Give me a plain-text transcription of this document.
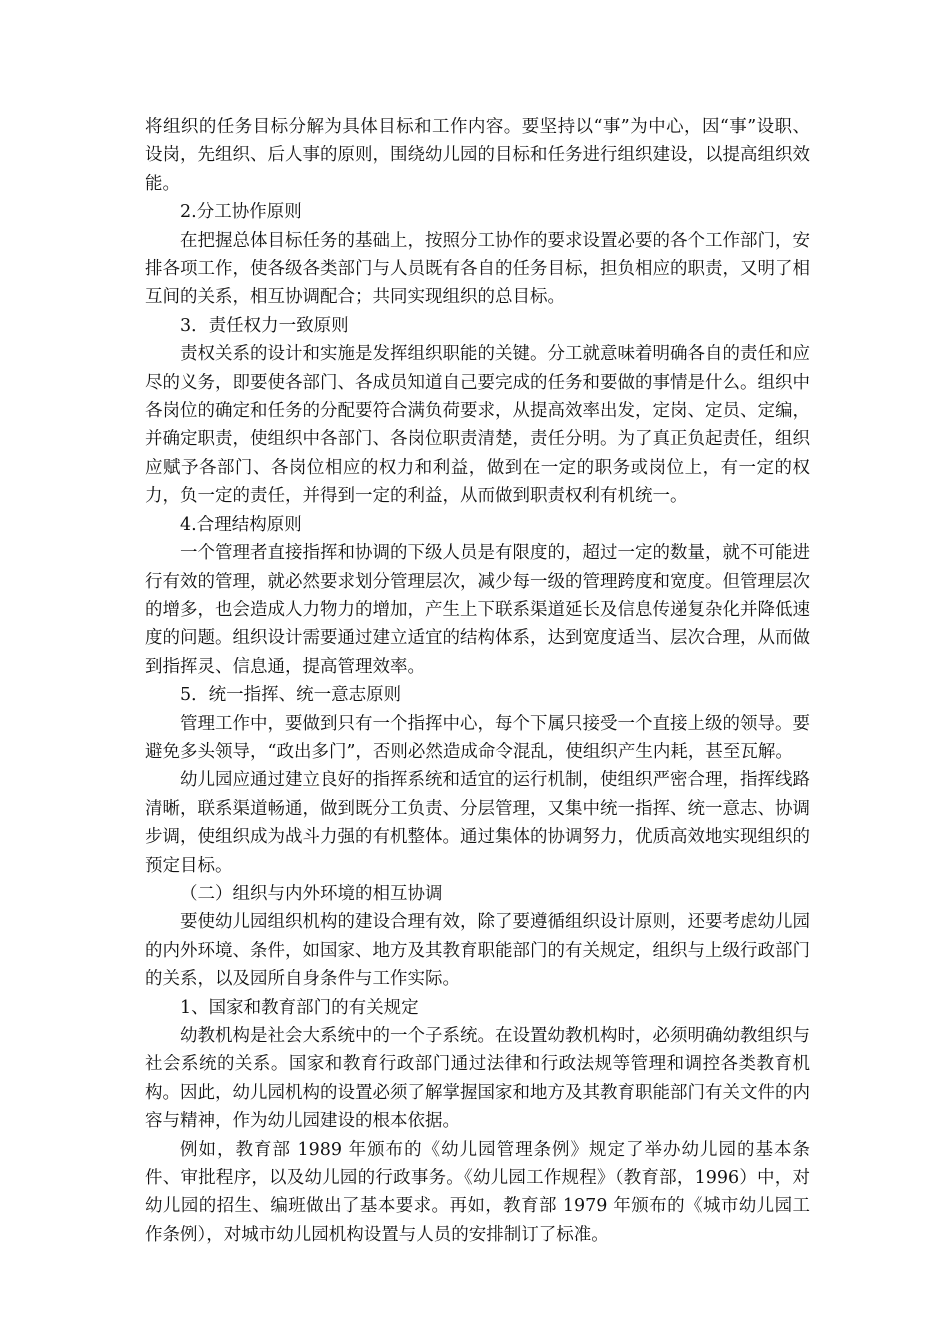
将组织的任务目标分解为具体目标和工作内容。要坚持以“事”为中心，因“事”设职、设岗，先组织、后人事的原则，围绕幼儿园的目标和任务进行组织建设，以提高组织效能。

2.分工协作原则

在把握总体目标任务的基础上，按照分工协作的要求设置必要的各个工作部门，安排各项工作，使各级各类部门与人员既有各自的任务目标，担负相应的职责，又明了相互间的关系，相互协调配合；共同实现组织的总目标。

3．责任权力一致原则

责权关系的设计和实施是发挥组织职能的关键。分工就意味着明确各自的责任和应尽的义务，即要使各部门、各成员知道自己要完成的任务和要做的事情是什么。组织中各岗位的确定和任务的分配要符合满负荷要求，从提高效率出发，定岗、定员、定编，并确定职责，使组织中各部门、各岗位职责清楚，责任分明。为了真正负起责任，组织应赋予各部门、各岗位相应的权力和利益，做到在一定的职务或岗位上，有一定的权力，负一定的责任，并得到一定的利益，从而做到职责权利有机统一。

4.合理结构原则

一个管理者直接指挥和协调的下级人员是有限度的，超过一定的数量，就不可能进行有效的管理，就必然要求划分管理层次，减少每一级的管理跨度和宽度。但管理层次的增多，也会造成人力物力的增加，产生上下联系渠道延长及信息传递复杂化并降低速度的问题。组织设计需要通过建立适宜的结构体系，达到宽度适当、层次合理，从而做到指挥灵、信息通，提高管理效率。

5．统一指挥、统一意志原则

管理工作中，要做到只有一个指挥中心，每个下属只接受一个直接上级的领导。要避免多头领导，“政出多门”，否则必然造成命令混乱，使组织产生内耗，甚至瓦解。

幼儿园应通过建立良好的指挥系统和适宜的运行机制，使组织严密合理，指挥线路清晰，联系渠道畅通，做到既分工负责、分层管理，又集中统一指挥、统一意志、协调步调，使组织成为战斗力强的有机整体。通过集体的协调努力，优质高效地实现组织的预定目标。

（二）组织与内外环境的相互协调

要使幼儿园组织机构的建设合理有效，除了要遵循组织设计原则，还要考虑幼儿园的内外环境、条件，如国家、地方及其教育职能部门的有关规定，组织与上级行政部门的关系，以及园所自身条件与工作实际。

1、国家和教育部门的有关规定

幼教机构是社会大系统中的一个子系统。在设置幼教机构时，必须明确幼教组织与社会系统的关系。国家和教育行政部门通过法律和行政法规等管理和调控各类教育机构。因此，幼儿园机构的设置必须了解掌握国家和地方及其教育职能部门有关文件的内容与精神，作为幼儿园建设的根本依据。

例如，教育部 1989 年颁布的《幼儿园管理条例》规定了举办幼儿园的基本条件、审批程序，以及幼儿园的行政事务。《幼儿园工作规程》（教育部，1996）中，对幼儿园的招生、编班做出了基本要求。再如，教育部 1979 年颁布的《城市幼儿园工作条例），对城市幼儿园机构设置与人员的安排制订了标准。
